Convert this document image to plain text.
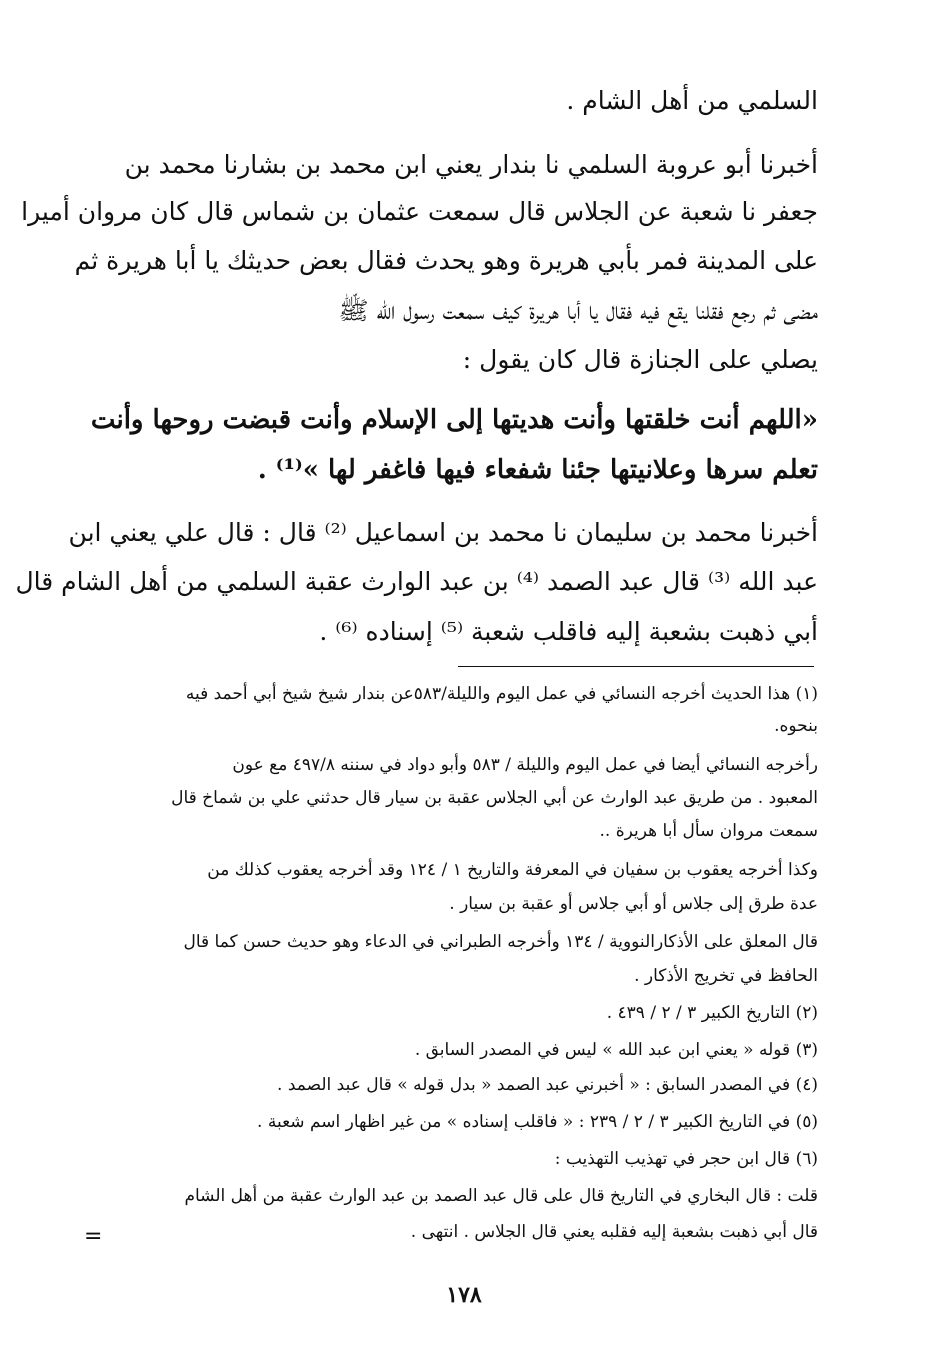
السلمي من أهل الشام .
أخبرنا أبو عروبة السلمي نا بندار يعني ابن محمد بن بشارنا محمد بن
جعفر نا شعبة عن الجلاس قال سمعت عثمان بن شماس قال كان مروان أميرا
على المدينة فمر بأبي هريرة وهو يحدث فقال بعض حديثك يا أبا هريرة ثم
مضى ثم رجع فقلنا يقع فيه فقال يا أبا هريرة كيف سمعت رسول الله ﷺ
يصلي على الجنازة قال كان يقول :
«اللهم أنت خلقتها وأنت هديتها إلى الإسلام وأنت قبضت روحها وأنت
تعلم سرها وعلانيتها جئنا شفعاء فيها فاغفر لها »⁽¹⁾ .
أخبرنا محمد بن سليمان نا محمد بن اسماعيل ⁽²⁾ قال : قال علي يعني ابن
عبد الله ⁽³⁾ قال عبد الصمد ⁽⁴⁾ بن عبد الوارث عقبة السلمي من أهل الشام قال
أبي ذهبت بشعبة إليه فاقلب شعبة ⁽⁵⁾ إسناده ⁽⁶⁾ .
(١) هذا الحديث أخرجه النسائي في عمل اليوم والليلة/٥٨٣عن بندار شيخ شيخ أبي أحمد فيه
بنحوه.
رأخرجه النسائي أيضا في عمل اليوم والليلة / ٥٨٣ وأبو دواد في سننه ٤٩٧/٨ مع عون
المعبود . من طريق عبد الوارث عن أبي الجلاس عقبة بن سيار قال حدثني علي بن شماخ قال
سمعت مروان سأل أبا هريرة ..
وكذا أخرجه يعقوب بن سفيان في المعرفة والتاريخ ١ / ١٢٤ وقد أخرجه يعقوب كذلك من
عدة طرق إلى جلاس أو أبي جلاس أو عقبة بن سيار .
قال المعلق على الأذكارالنووية / ١٣٤ وأخرجه الطبراني في الدعاء وهو حديث حسن كما قال
الحافظ في تخريج الأذكار .
(٢) التاريخ الكبير ٣ / ٢ / ٤٣٩ .
(٣) قوله « يعني ابن عبد الله » ليس في المصدر السابق .
(٤) في المصدر السابق : « أخبرني عبد الصمد « بدل قوله » قال عبد الصمد .
(٥) في التاريخ الكبير ٣ / ٢ / ٢٣٩ : « فاقلب إسناده » من غير اظهار اسم شعبة .
(٦) قال ابن حجر في تهذيب التهذيب :
قلت : قال البخاري في التاريخ قال على قال عبد الصمد بن عبد الوارث عقبة من أهل الشام
قال أبي ذهبت بشعبة إليه فقلبه يعني قال الجلاس . انتهى .
=
١٧٨
